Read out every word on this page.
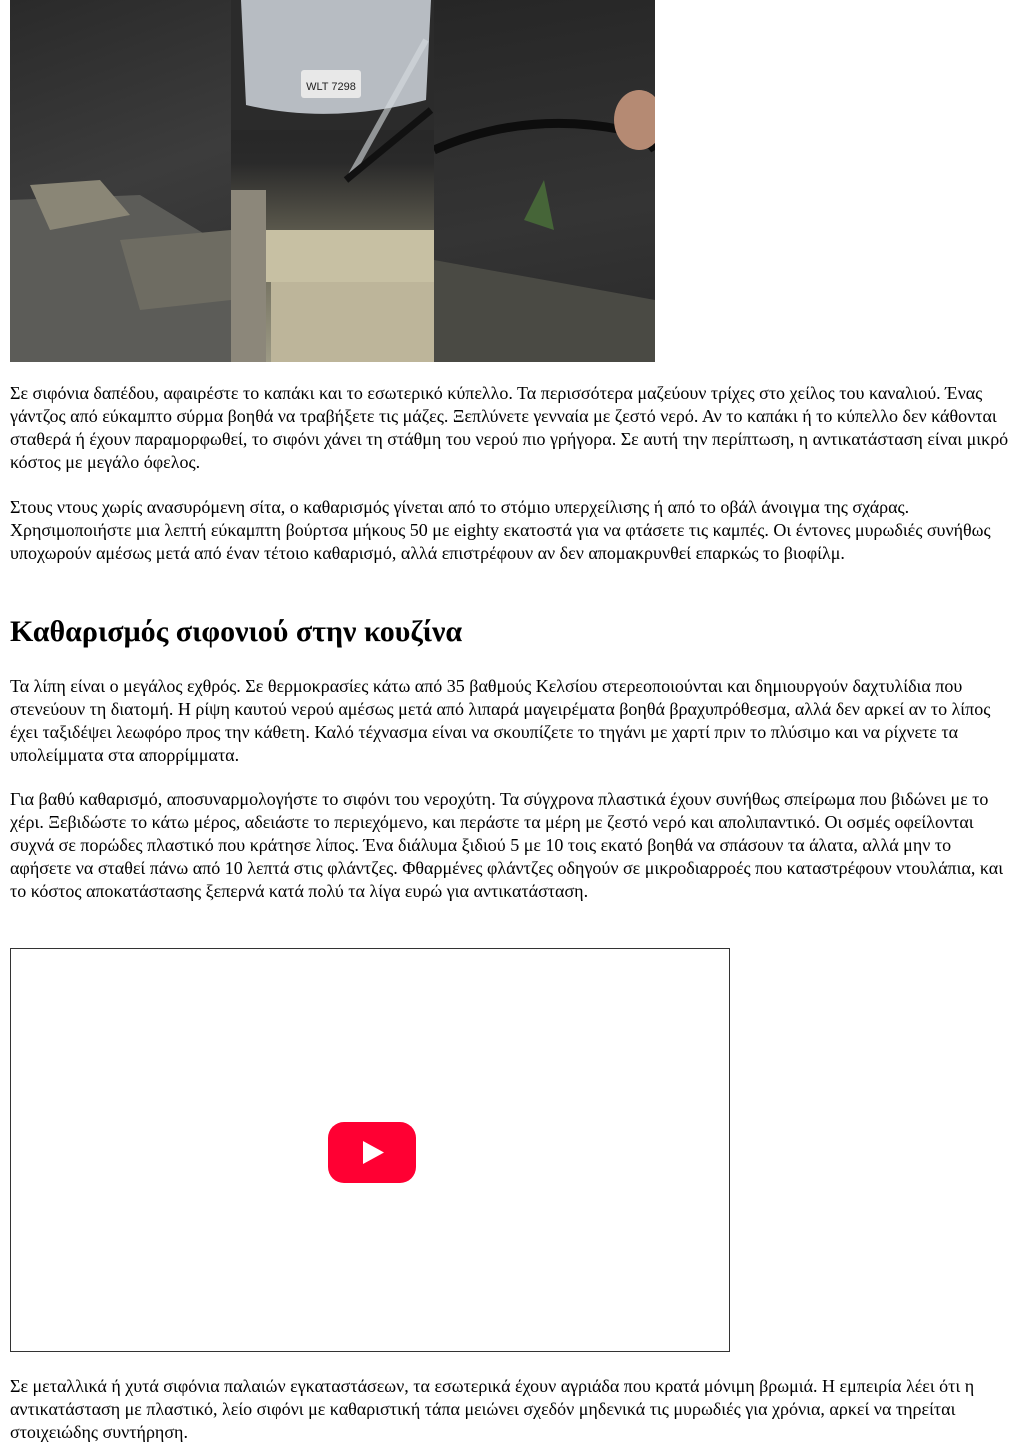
WLT 7298

Σε σιφόνια δαπέδου, αφαιρέστε το καπάκι και το εσωτερικό κύπελλο. Τα περισσότερα μαζεύουν τρίχες στο χείλος του καναλιού. Ένας γάντζος από εύκαμπτο σύρμα βοηθά να τραβήξετε τις μάζες. Ξεπλύνετε γενναία με ζεστό νερό. Αν το καπάκι ή το κύπελλο δεν κάθονται σταθερά ή έχουν παραμορφωθεί, το σιφόνι χάνει τη στάθμη του νερού πιο γρήγορα. Σε αυτή την περίπτωση, η αντικατάσταση είναι μικρό κόστος με μεγάλο όφελος.

Στους ντους χωρίς ανασυρόμενη σίτα, ο καθαρισμός γίνεται από το στόμιο υπερχείλισης ή από το οβάλ άνοιγμα της σχάρας. Χρησιμοποιήστε μια λεπτή εύκαμπτη βούρτσα μήκους 50 με eighty εκατοστά για να φτάσετε τις καμπές. Οι έντονες μυρωδιές συνήθως υποχωρούν αμέσως μετά από έναν τέτοιο καθαρισμό, αλλά επιστρέφουν αν δεν απομακρυνθεί επαρκώς το βιοφίλμ.

Καθαρισμός σιφονιού στην κουζίνα

Τα λίπη είναι ο μεγάλος εχθρός. Σε θερμοκρασίες κάτω από 35 βαθμούς Κελσίου στερεοποιούνται και δημιουργούν δαχτυλίδια που στενεύουν τη διατομή. Η ρίψη καυτού νερού αμέσως μετά από λιπαρά μαγειρέματα βοηθά βραχυπρόθεσμα, αλλά δεν αρκεί αν το λίπος έχει ταξιδέψει λεωφόρο προς την κάθετη. Καλό τέχνασμα είναι να σκουπίζετε το τηγάνι με χαρτί πριν το πλύσιμο και να ρίχνετε τα υπολείμματα στα απορρίμματα.

Για βαθύ καθαρισμό, αποσυναρμολογήστε το σιφόνι του νεροχύτη. Τα σύγχρονα πλαστικά έχουν συνήθως σπείρωμα που βιδώνει με το χέρι. Ξεβιδώστε το κάτω μέρος, αδειάστε το περιεχόμενο, και περάστε τα μέρη με ζεστό νερό και απολιπαντικό. Οι οσμές οφείλονται συχνά σε πορώδες πλαστικό που κράτησε λίπος. Ένα διάλυμα ξιδιού 5 με 10 τοις εκατό βοηθά να σπάσουν τα άλατα, αλλά μην το αφήσετε να σταθεί πάνω από 10 λεπτά στις φλάντζες. Φθαρμένες φλάντζες οδηγούν σε μικροδιαρροές που καταστρέφουν ντουλάπια, και το κόστος αποκατάστασης ξεπερνά κατά πολύ τα λίγα ευρώ για αντικατάσταση.

Σε μεταλλικά ή χυτά σιφόνια παλαιών εγκαταστάσεων, τα εσωτερικά έχουν αγριάδα που κρατά μόνιμη βρωμιά. Η εμπειρία λέει ότι η αντικατάσταση με πλαστικό, λείο σιφόνι με καθαριστική τάπα μειώνει σχεδόν μηδενικά τις μυρωδιές για χρόνια, αρκεί να τηρείται στοιχειώδης συντήρηση.
